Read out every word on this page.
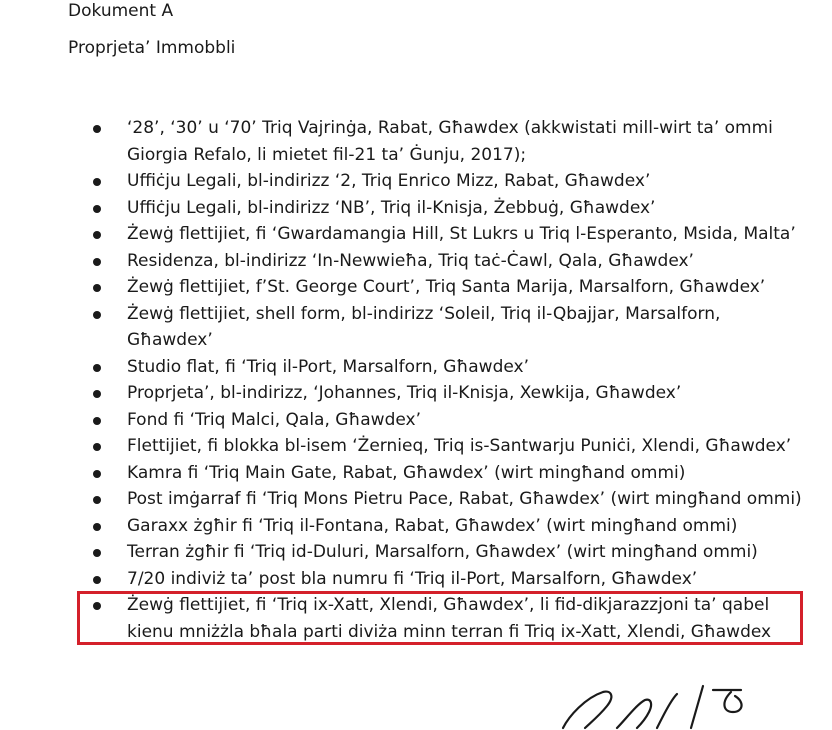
Dokument A
Proprjeta’ Immobbli
‘28’, ‘30’ u ‘70’ Triq Vajrinġa, Rabat, Għawdex (akkwistati mill-wirt ta’ ommi
Giorgia Refalo, li mietet fil-21 ta’ Ġunju, 2017);
Uffiċju Legali, bl-indirizz ‘2, Triq Enrico Mizz, Rabat, Għawdex’
Uffiċju Legali, bl-indirizz ‘NB’, Triq il-Knisja, Żebbuġ, Għawdex’
Żewġ flettijiet, fi ‘Gwardamangia Hill, St Lukrs u Triq l-Esperanto, Msida, Malta’
Residenza, bl-indirizz ‘In-Newwieħa, Triq taċ-Ċawl, Qala, Għawdex’
Żewġ flettijiet, f’St. George Court’, Triq Santa Marija, Marsalforn, Għawdex’
Żewġ flettijiet, shell form, bl-indirizz ‘Soleil, Triq il-Qbajjar, Marsalforn,
Għawdex’
Studio flat, fi ‘Triq il-Port, Marsalforn, Għawdex’
Proprjeta’, bl-indirizz, ‘Johannes, Triq il-Knisja, Xewkija, Għawdex’
Fond fi ‘Triq Malci, Qala, Għawdex’
Flettijiet, fi blokka bl-isem ‘Żernieq, Triq is-Santwarju Puniċi, Xlendi, Għawdex’
Kamra fi ‘Triq Main Gate, Rabat, Għawdex’ (wirt mingħand ommi)
Post imġarraf fi ‘Triq Mons Pietru Pace, Rabat, Għawdex’ (wirt mingħand ommi)
Garaxx żgħir fi ‘Triq il-Fontana, Rabat, Għawdex’ (wirt mingħand ommi)
Terran żgħir fi ‘Triq id-Duluri, Marsalforn, Għawdex’ (wirt mingħand ommi)
7/20 indiviż ta’ post bla numru fi ‘Triq il-Port, Marsalforn, Għawdex’
Żewġ flettijiet, fi ‘Triq ix-Xatt, Xlendi, Għawdex’, li fid-dikjarazzjoni ta’ qabel
kienu mniżżla bħala parti diviża minn terran fi Triq ix-Xatt, Xlendi, Għawdex
